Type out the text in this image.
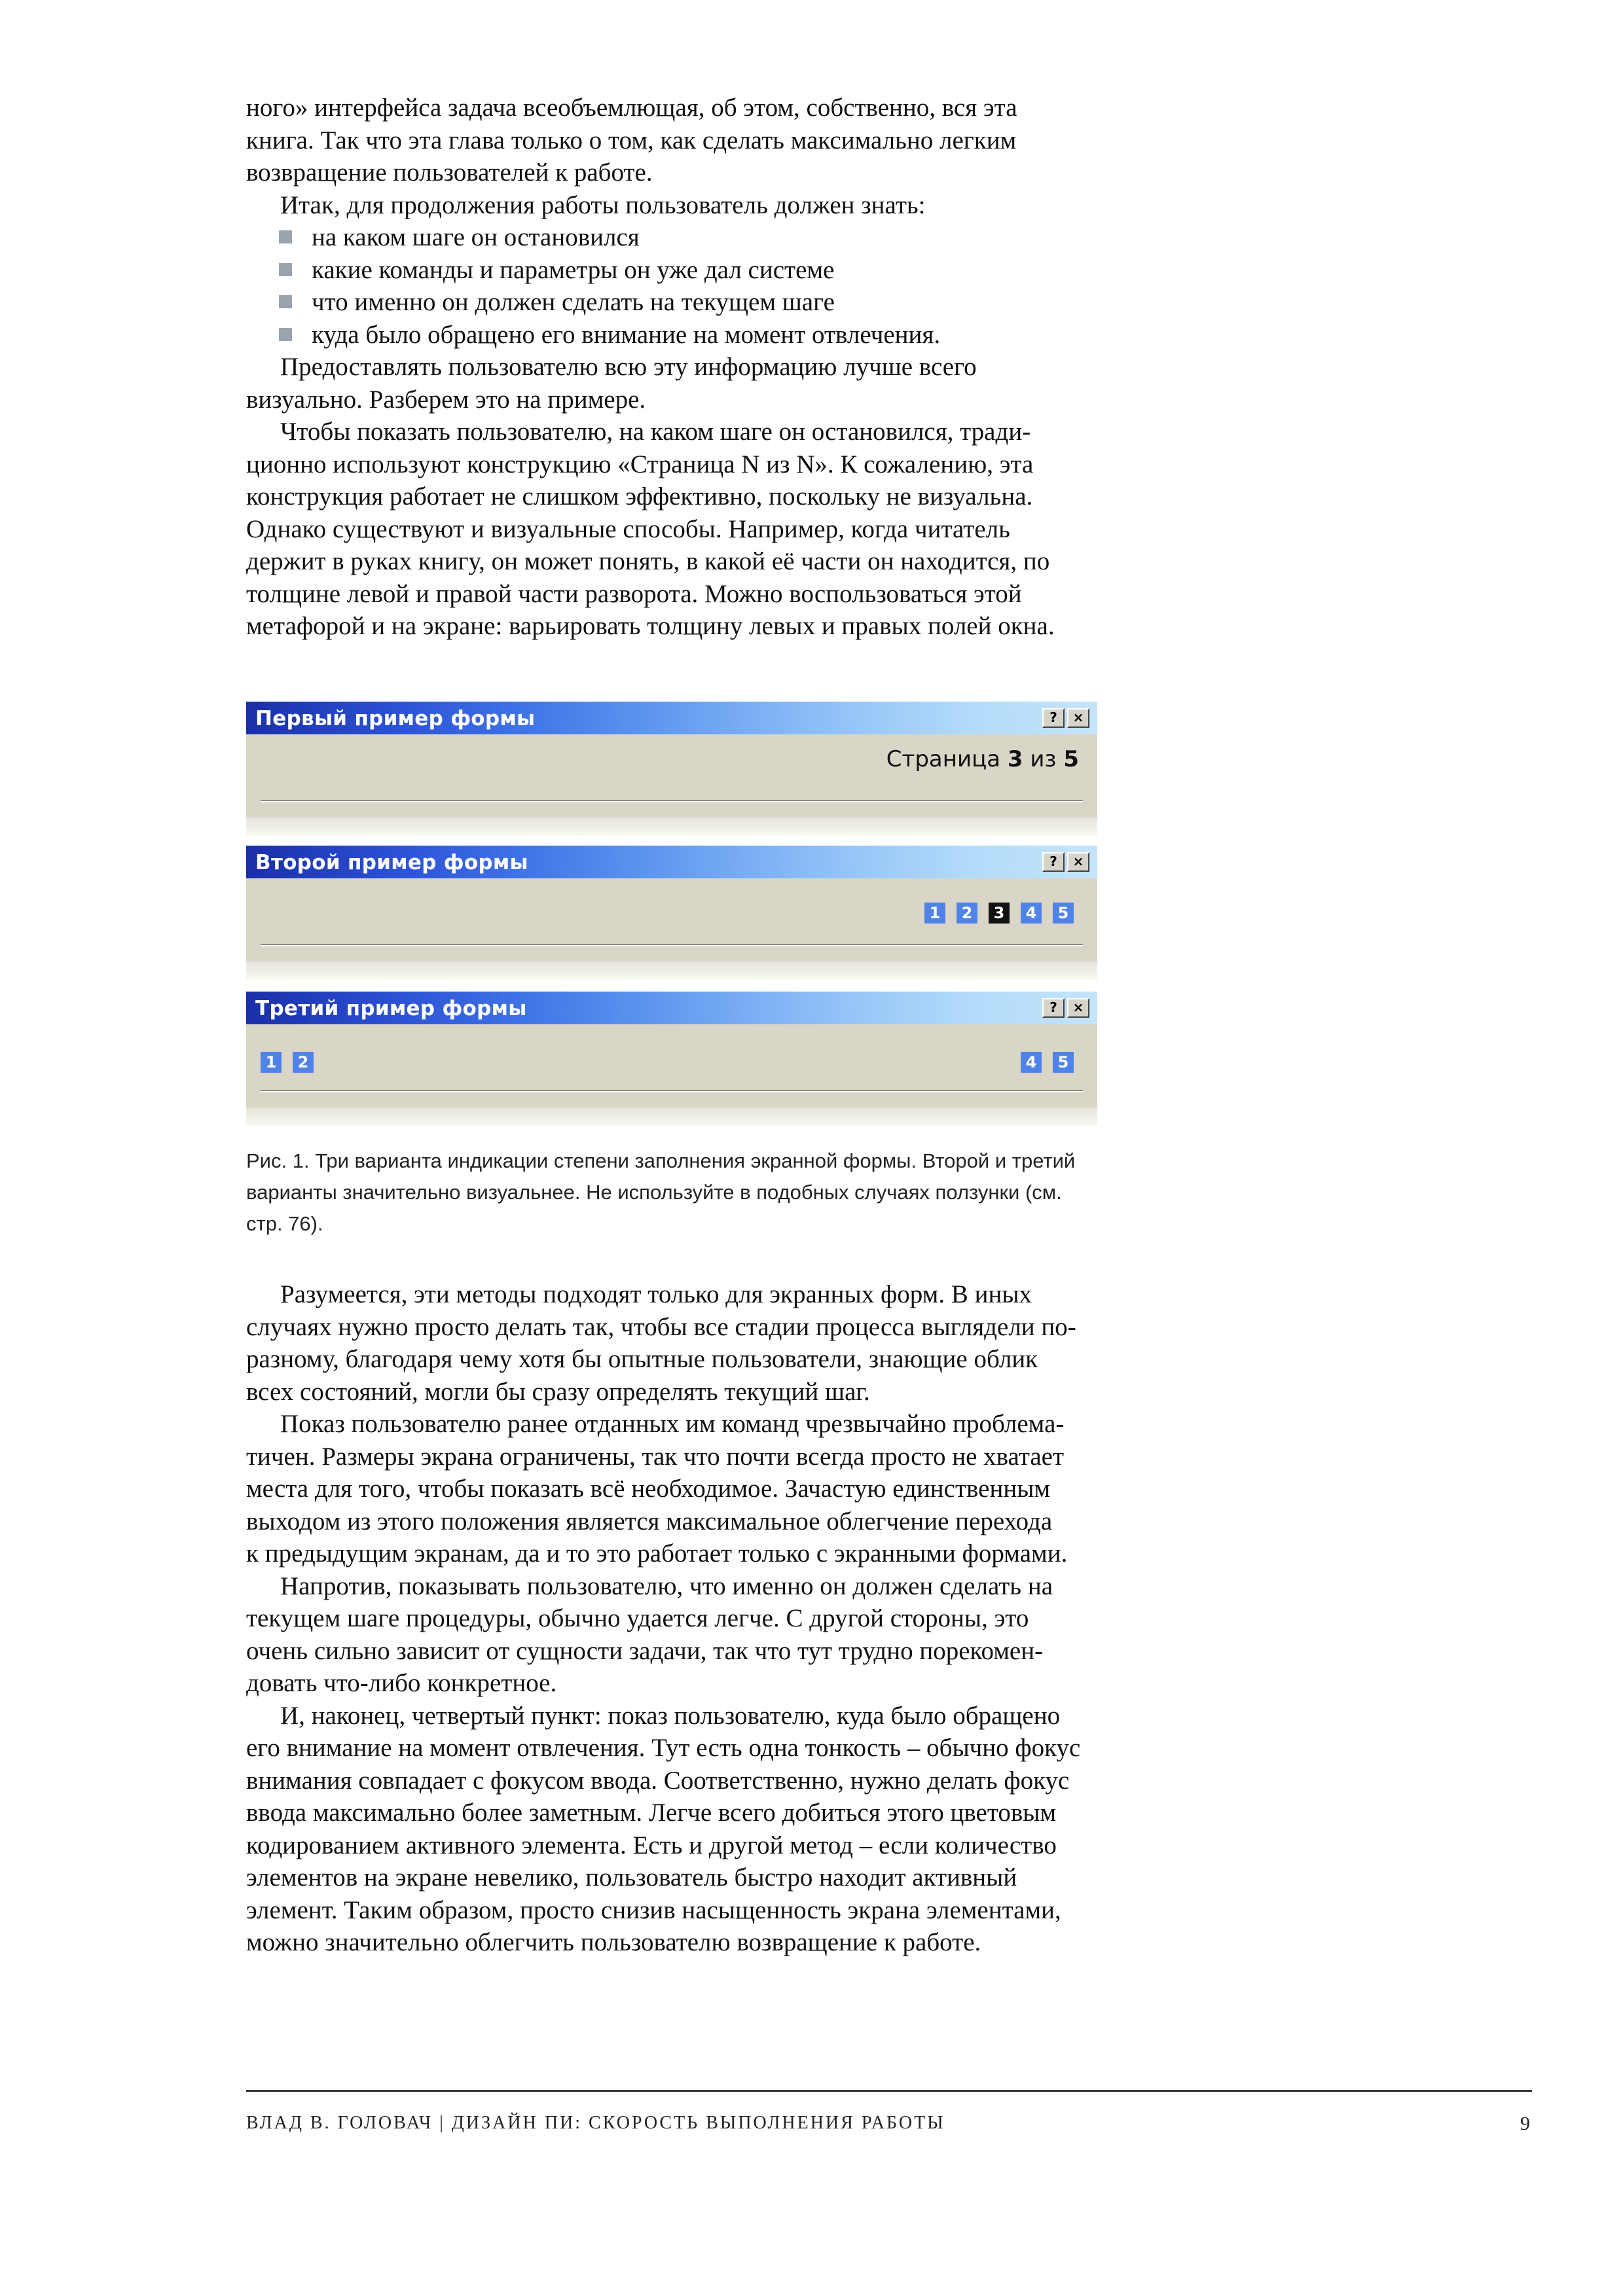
ного» интерфейса задача всеобъемлющая, об этом, собственно, вся эта
книга. Так что эта глава только о том, как сделать максимально легким
возвращение пользователей к работе.

Итак, для продолжения работы пользователь должен знать:

на каком шаге он остановился
какие команды и параметры он уже дал системе
что именно он должен сделать на текущем шаге
куда было обращено его внимание на момент отвлечения.

Предоставлять пользователю всю эту информацию лучше всего
визуально. Разберем это на примере.

Чтобы показать пользователю, на каком шаге он остановился, тради-
ционно используют конструкцию «Страница N из N». К сожалению, эта
конструкция работает не слишком эффективно, поскольку не визуальна.
Однако существуют и визуальные способы. Например, когда читатель
держит в руках книгу, он может понять, в какой её части он находится, по
толщине левой и правой части разворота. Можно воспользоваться этой
метафорой и на экране: варьировать толщину левых и правых полей окна.

Первый пример формы	?	×
Страница 3 из 5
Второй пример формы	?	×
1	2	3	4	5
Третий пример формы	?	×
1	2	4	5
Рис. 1. Три варианта индикации степени заполнения экранной формы. Второй и третий
варианты значительно визуальнее. Не используйте в подобных случаях ползунки (см.
стр. 76).

Разумеется, эти методы подходят только для экранных форм. В иных
случаях нужно просто делать так, чтобы все стадии процесса выглядели по-
разному, благодаря чему хотя бы опытные пользователи, знающие облик
всех состояний, могли бы сразу определять текущий шаг.

Показ пользователю ранее отданных им команд чрезвычайно проблема-
тичен. Размеры экрана ограничены, так что почти всегда просто не хватает
места для того, чтобы показать всё необходимое. Зачастую единственным
выходом из этого положения является максимальное облегчение перехода
к предыдущим экранам, да и то это работает только с экранными формами.

Напротив, показывать пользователю, что именно он должен сделать на
текущем шаге процедуры, обычно удается легче. С другой стороны, это
очень сильно зависит от сущности задачи, так что тут трудно порекомен-
довать что-либо конкретное.

И, наконец, четвертый пункт: показ пользователю, куда было обращено
его внимание на момент отвлечения. Тут есть одна тонкость – обычно фокус
внимания совпадает с фокусом ввода. Соответственно, нужно делать фокус
ввода максимально более заметным. Легче всего добиться этого цветовым
кодированием активного элемента. Есть и другой метод – если количество
элементов на экране невелико, пользователь быстро находит активный
элемент. Таким образом, просто снизив насыщенность экрана элементами,
можно значительно облегчить пользователю возвращение к работе.

ВЛАД В. ГОЛОВАЧ | ДИЗАЙН ПИ: СКОРОСТЬ ВЫПОЛНЕНИЯ РАБОТЫ	9
